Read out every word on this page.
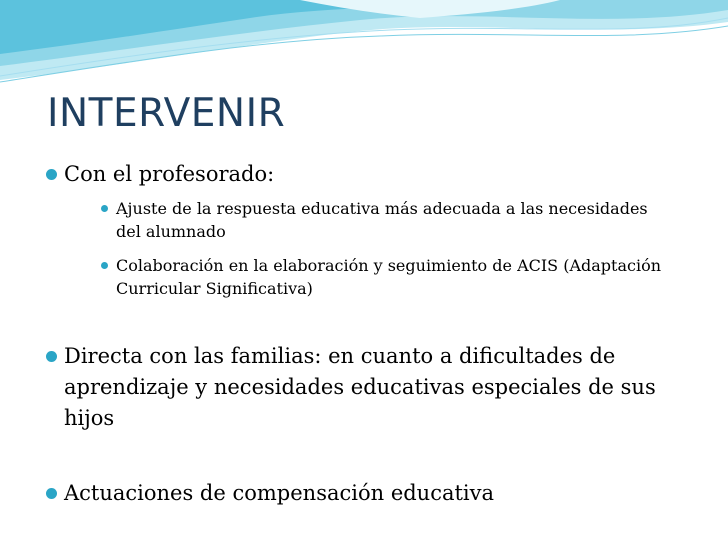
INTERVENIR

Con el profesorado:

Ajuste de la respuesta educativa más adecuada a las necesidades del alumnado

Colaboración en la elaboración y seguimiento de ACIS (Adaptación Curricular Significativa)

Directa con las familias: en cuanto a dificultades de aprendizaje y necesidades educativas especiales de sus hijos

Actuaciones de compensación educativa
